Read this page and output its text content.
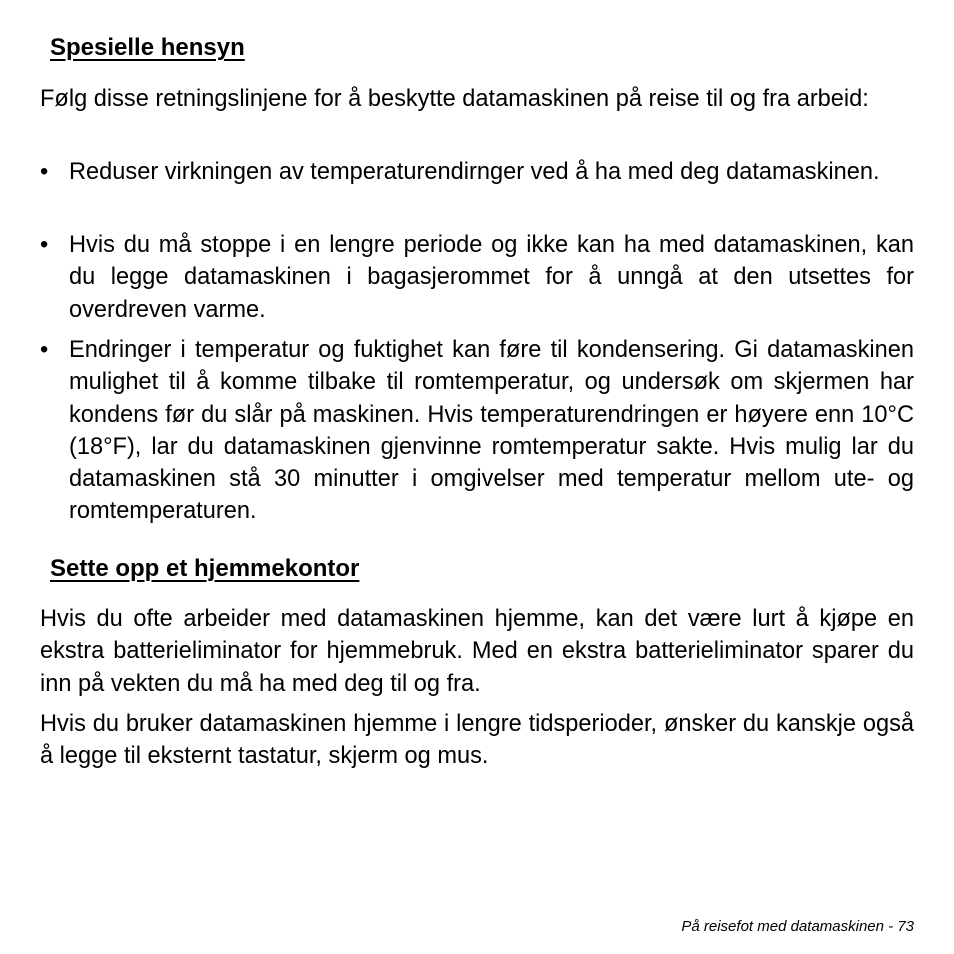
Spesielle hensyn

Følg disse retningslinjene for å beskytte datamaskinen på reise til og fra arbeid:

• Reduser virkningen av temperaturendirnger ved å ha med deg datamaskinen.

• Hvis du må stoppe i en lengre periode og ikke kan ha med datamaskinen, kan du legge datamaskinen i bagasjerommet for å unngå at den utsettes for overdreven varme.

• Endringer i temperatur og fuktighet kan føre til kondensering. Gi datamaskinen mulighet til å komme tilbake til romtemperatur, og undersøk om skjermen har kondens før du slår på maskinen. Hvis temperaturendringen er høyere enn 10°C (18°F), lar du datamaskinen gjenvinne romtemperatur sakte. Hvis mulig lar du datamaskinen stå 30 minutter i omgivelser med temperatur mellom ute- og romtemperaturen.

Sette opp et hjemmekontor

Hvis du ofte arbeider med datamaskinen hjemme, kan det være lurt å kjøpe en ekstra batterieliminator for hjemmebruk. Med en ekstra batterieliminator sparer du inn på vekten du må ha med deg til og fra.

Hvis du bruker datamaskinen hjemme i lengre tidsperioder, ønsker du kanskje også å legge til eksternt tastatur, skjerm og mus.

På reisefot med datamaskinen - 73
